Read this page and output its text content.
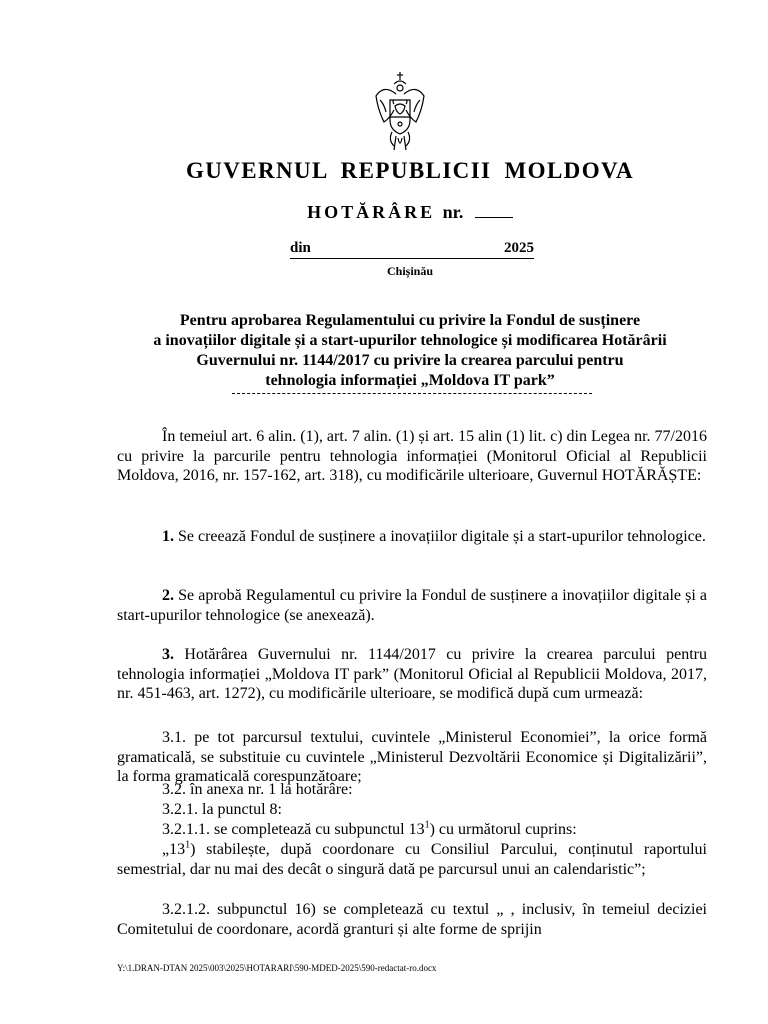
GUVERNUL REPUBLICII MOLDOVA
HOTĂRÂRE nr.
din	2025
Chișinău
Pentru aprobarea Regulamentului cu privire la Fondul de susținere
a inovațiilor digitale și a start-upurilor tehnologice și modificarea Hotărârii
Guvernului nr. 1144/2017 cu privire la crearea parcului pentru
tehnologia informației „Moldova IT park”
În temeiul art. 6 alin. (1), art. 7 alin. (1) și art. 15 alin (1) lit. c) din Legea nr. 77/2016 cu privire la parcurile pentru tehnologia informației (Monitorul Oficial al Republicii Moldova, 2016, nr. 157-162, art. 318), cu modificările ulterioare, Guvernul HOTĂRĂȘTE:
1. Se creează Fondul de susținere a inovațiilor digitale și a start-upurilor tehnologice.
2. Se aprobă Regulamentul cu privire la Fondul de susținere a inovațiilor digitale și a start-upurilor tehnologice (se anexează).
3. Hotărârea Guvernului nr. 1144/2017 cu privire la crearea parcului pentru tehnologia informației „Moldova IT park” (Monitorul Oficial al Republicii Moldova, 2017, nr. 451-463, art. 1272), cu modificările ulterioare, se modifică după cum urmează:
3.1. pe tot parcursul textului, cuvintele „Ministerul Economiei”, la orice formă gramaticală, se substituie cu cuvintele „Ministerul Dezvoltării Economice și Digitalizării”, la forma gramaticală corespunzătoare;
3.2. în anexa nr. 1 la hotărâre:
3.2.1. la punctul 8:
3.2.1.1. se completează cu subpunctul $13^1$) cu următorul cuprins:
$„13^1$) stabilește, după coordonare cu Consiliul Parcului, conținutul raportului semestrial, dar nu mai des decât o singură dată pe parcursul unui an calendaristic”;
3.2.1.2. subpunctul 16) se completează cu textul „ , inclusiv, în temeiul deciziei Comitetului de coordonare, acordă granturi și alte forme de sprijin
Y:\1.DRAN-DTAN 2025\003\2025\HOTARARI\590-MDED-2025\590-redactat-ro.docx
